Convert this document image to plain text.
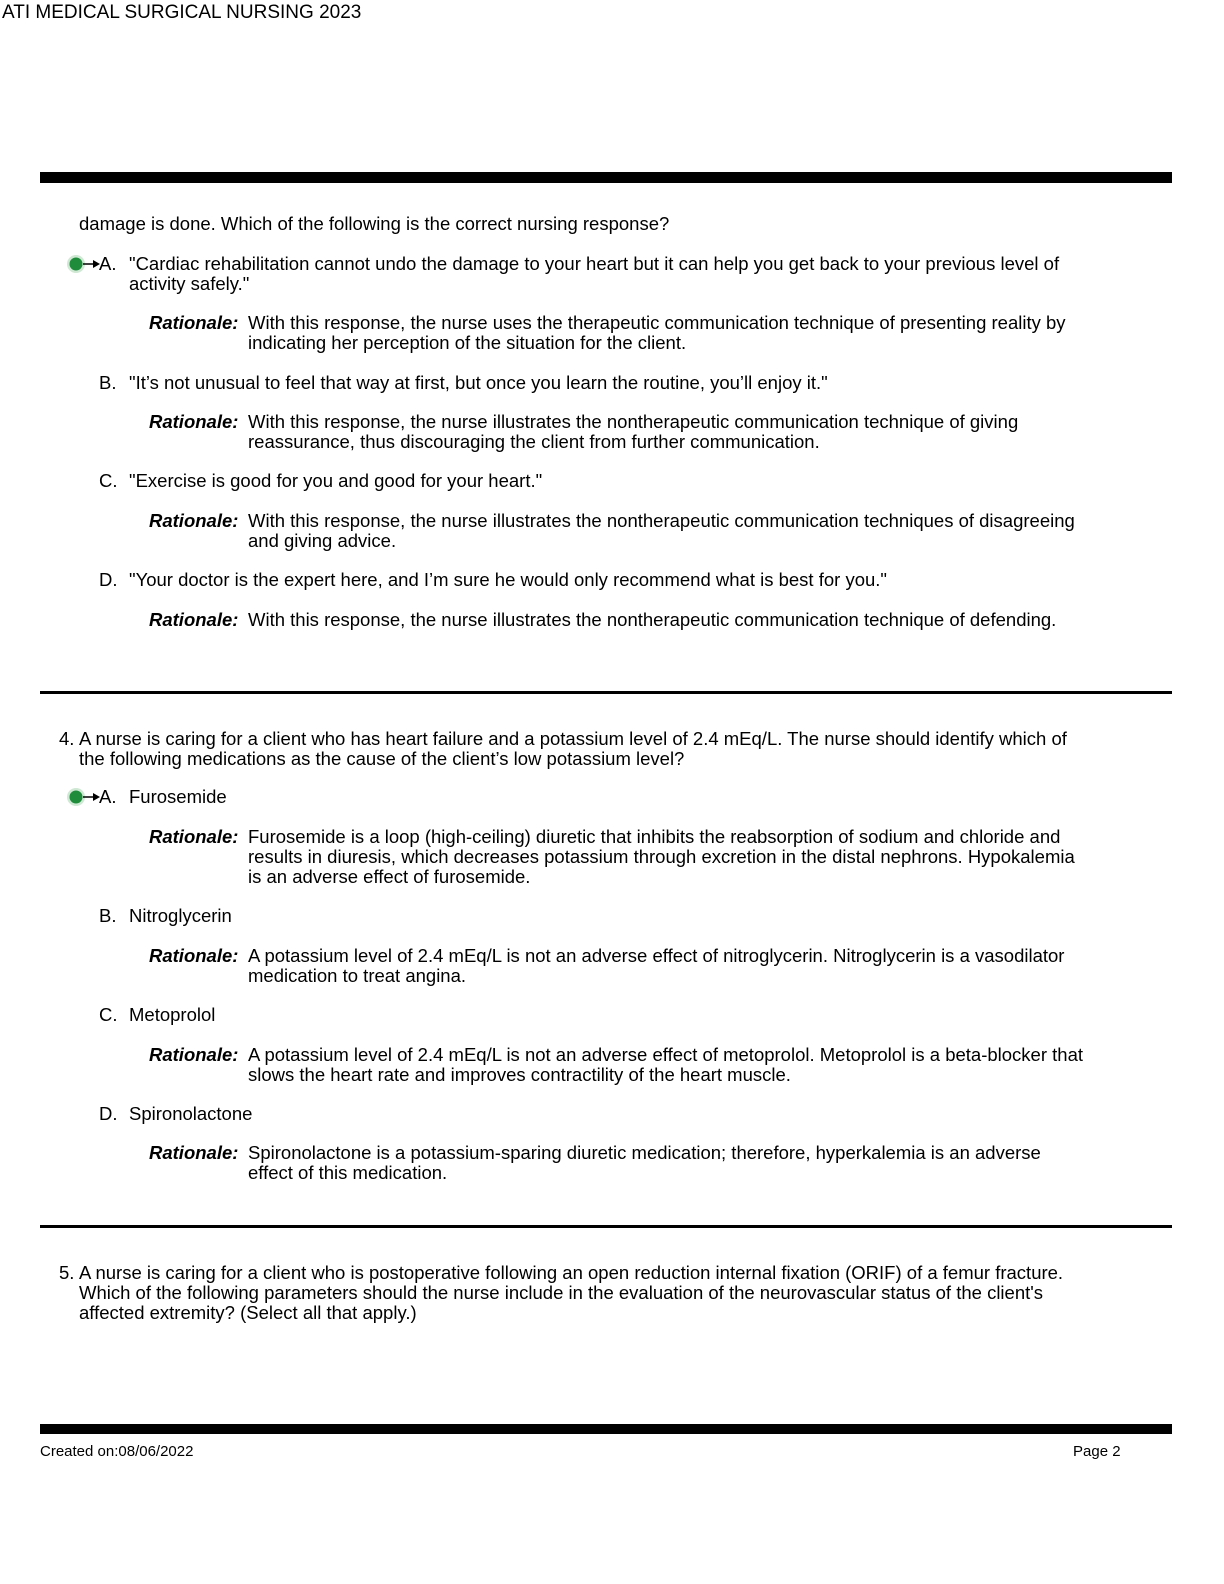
ATI MEDICAL SURGICAL NURSING 2023
damage is done. Which of the following is the correct nursing response?
A. "Cardiac rehabilitation cannot undo the damage to your heart but it can help you get back to your previous level of activity safely."
Rationale: With this response, the nurse uses the therapeutic communication technique of presenting reality by indicating her perception of the situation for the client.
B. "It’s not unusual to feel that way at first, but once you learn the routine, you’ll enjoy it."
Rationale: With this response, the nurse illustrates the nontherapeutic communication technique of giving reassurance, thus discouraging the client from further communication.
C. "Exercise is good for you and good for your heart."
Rationale: With this response, the nurse illustrates the nontherapeutic communication techniques of disagreeing and giving advice.
D. "Your doctor is the expert here, and I’m sure he would only recommend what is best for you."
Rationale: With this response, the nurse illustrates the nontherapeutic communication technique of defending.
4. A nurse is caring for a client who has heart failure and a potassium level of 2.4 mEq/L. The nurse should identify which of the following medications as the cause of the client’s low potassium level?
A. Furosemide
Rationale: Furosemide is a loop (high-ceiling) diuretic that inhibits the reabsorption of sodium and chloride and results in diuresis, which decreases potassium through excretion in the distal nephrons. Hypokalemia is an adverse effect of furosemide.
B. Nitroglycerin
Rationale: A potassium level of 2.4 mEq/L is not an adverse effect of nitroglycerin. Nitroglycerin is a vasodilator medication to treat angina.
C. Metoprolol
Rationale: A potassium level of 2.4 mEq/L is not an adverse effect of metoprolol. Metoprolol is a beta-blocker that slows the heart rate and improves contractility of the heart muscle.
D. Spironolactone
Rationale: Spironolactone is a potassium-sparing diuretic medication; therefore, hyperkalemia is an adverse effect of this medication.
5. A nurse is caring for a client who is postoperative following an open reduction internal fixation (ORIF) of a femur fracture. Which of the following parameters should the nurse include in the evaluation of the neurovascular status of the client's affected extremity? (Select all that apply.)
Created on:08/06/2022	Page 2
